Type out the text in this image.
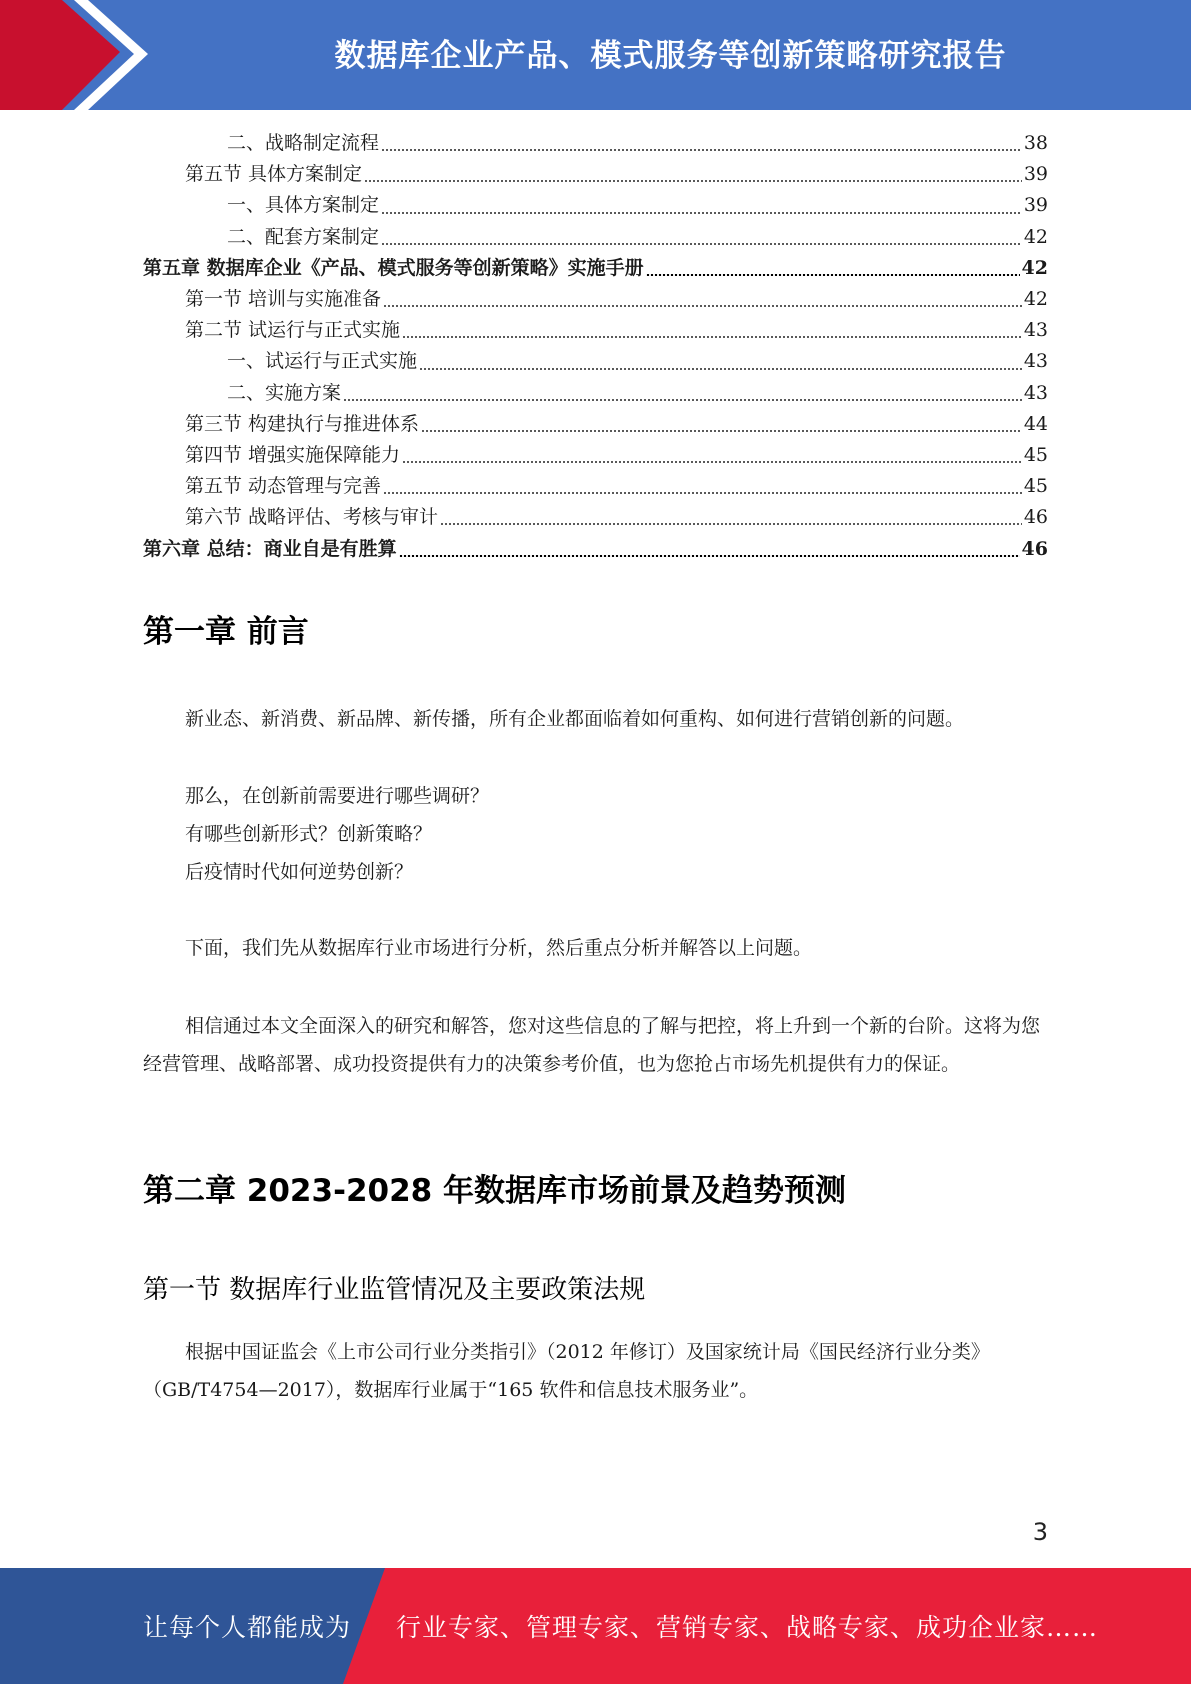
数据库企业产品、模式服务等创新策略研究报告
二、战略制定流程	38
第五节 具体方案制定	39
一、具体方案制定	39
二、配套方案制定	42
第五章 数据库企业《产品、模式服务等创新策略》实施手册	42
第一节 培训与实施准备	42
第二节 试运行与正式实施	43
一、试运行与正式实施	43
二、实施方案	43
第三节 构建执行与推进体系	44
第四节 增强实施保障能力	45
第五节 动态管理与完善	45
第六节 战略评估、考核与审计	46
第六章 总结：商业自是有胜算	46
第一章 前言

新业态、新消费、新品牌、新传播，所有企业都面临着如何重构、如何进行营销创新的问题。

那么，在创新前需要进行哪些调研？

有哪些创新形式？创新策略？

后疫情时代如何逆势创新？

下面，我们先从数据库行业市场进行分析，然后重点分析并解答以上问题。

相信通过本文全面深入的研究和解答，您对这些信息的了解与把控，将上升到一个新的台阶。这将为您经营管理、战略部署、成功投资提供有力的决策参考价值，也为您抢占市场先机提供有力的保证。

第二章 2023-2028 年数据库市场前景及趋势预测
第一节 数据库行业监管情况及主要政策法规

根据中国证监会《上市公司行业分类指引》（2012 年修订）及国家统计局《国民经济行业分类》（GB/T4754—2017），数据库行业属于“165 软件和信息技术服务业”。

3
让每个人都能成为 行业专家、管理专家、营销专家、战略专家、成功企业家……
